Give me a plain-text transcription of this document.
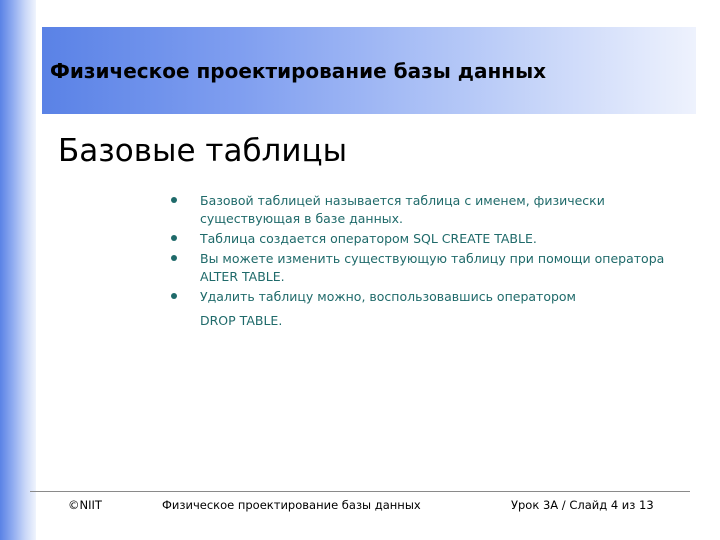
Физическое проектирование базы данных
Базовые таблицы
Базовой таблицей называется таблица с именем, физически существующая в базе данных.
Таблица создается оператором SQL CREATE TABLE.
Вы можете изменить существующую таблицу при помощи оператора ALTER TABLE.
Удалить таблицу можно, воспользовавшись оператором
DROP TABLE.
©NIIT	Физическое проектирование базы данных	Урок 3A / Слайд 4 из 13
